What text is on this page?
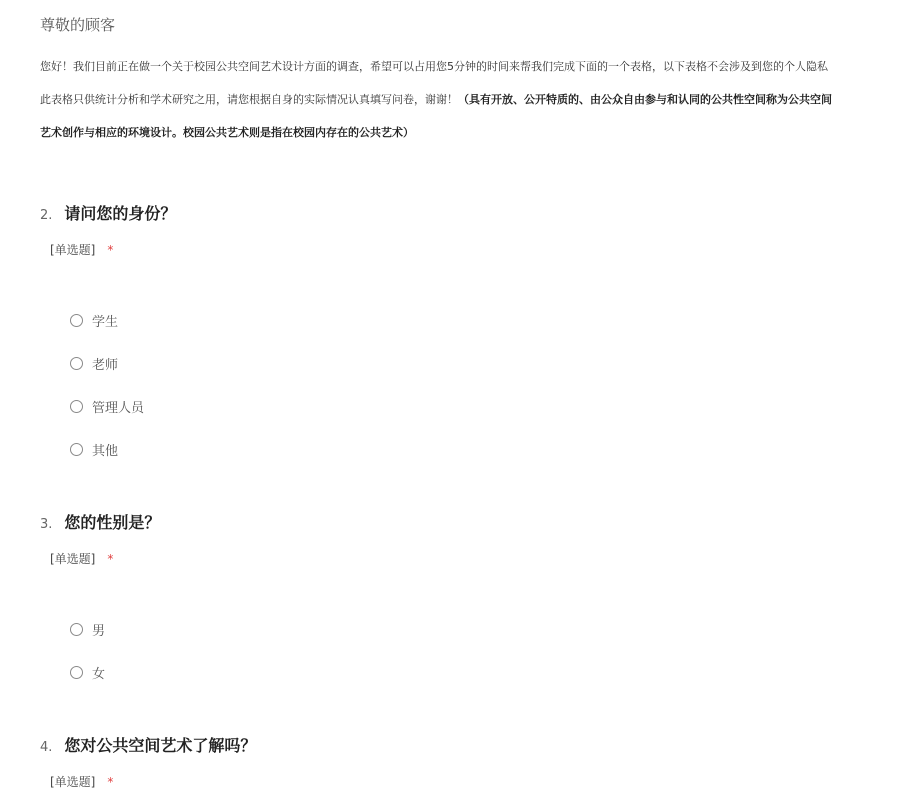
尊敬的顾客
您好！我们目前正在做一个关于校园公共空间艺术设计方面的调查，希望可以占用您5分钟的时间来帮我们完成下面的一个表格，以下表格不会涉及到您的个人隐私
此表格只供统计分析和学术研究之用，请您根据自身的实际情况认真填写问卷，谢谢！（具有开放、公开特质的、由公众自由参与和认同的公共性空间称为公共空间
艺术创作与相应的环境设计。校园公共艺术则是指在校园内存在的公共艺术）
2. 请问您的身份？
[单选题] *
学生
老师
管理人员
其他
3. 您的性别是？
[单选题] *
男
女
4. 您对公共空间艺术了解吗？
[单选题] *
